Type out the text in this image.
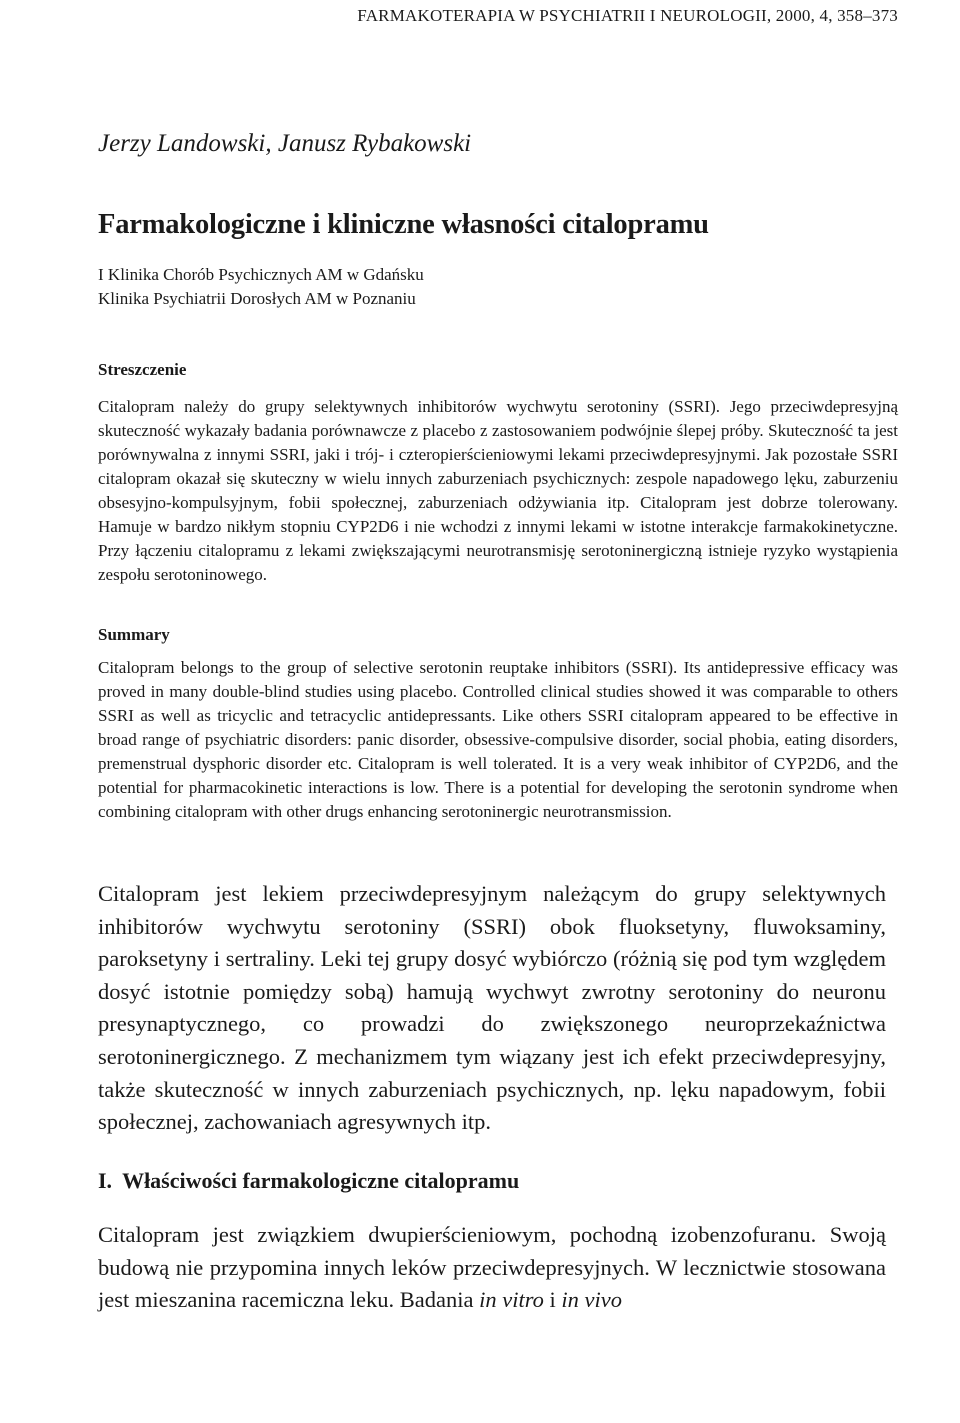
FARMAKOTERAPIA W PSYCHIATRII I NEUROLOGII, 2000, 4, 358–373
Jerzy Landowski, Janusz Rybakowski
Farmakologiczne i kliniczne własności citalopramu
I Klinika Chorób Psychicznych AM w Gdańsku
Klinika Psychiatrii Dorosłych AM w Poznaniu
Streszczenie

Citalopram należy do grupy selektywnych inhibitorów wychwytu serotoniny (SSRI). Jego przeciwdepresyjną skuteczność wykazały badania porównawcze z placebo z zastosowaniem podwójnie ślepej próby. Skuteczność ta jest porównywalna z innymi SSRI, jaki i trój- i czteropierścieniowymi lekami przeciwdepresyjnymi. Jak pozostałe SSRI citalopram okazał się skuteczny w wielu innych zaburzeniach psychicznych: zespole napadowego lęku, zaburzeniu obsesyjno-kompulsyjnym, fobii społecznej, zaburzeniach odżywiania itp. Citalopram jest dobrze tolerowany. Hamuje w bardzo nikłym stopniu CYP2D6 i nie wchodzi z innymi lekami w istotne interakcje farmakokinetyczne. Przy łączeniu citalopramu z lekami zwiększającymi neurotransmisję serotoninergiczną istnieje ryzyko wystąpienia zespołu serotoninowego.

Summary

Citalopram belongs to the group of selective serotonin reuptake inhibitors (SSRI). Its antidepressive efficacy was proved in many double-blind studies using placebo. Controlled clinical studies showed it was comparable to others SSRI as well as tricyclic and tetracyclic antidepressants. Like others SSRI citalopram appeared to be effective in broad range of psychiatric disorders: panic disorder, obsessive-compulsive disorder, social phobia, eating disorders, premenstrual dysphoric disorder etc. Citalopram is well tolerated. It is a very weak inhibitor of CYP2D6, and the potential for pharmacokinetic interactions is low. There is a potential for developing the serotonin syndrome when combining citalopram with other drugs enhancing serotoninergic neurotransmission.

Citalopram jest lekiem przeciwdepresyjnym należącym do grupy selektywnych inhibitorów wychwytu serotoniny (SSRI) obok fluoksetyny, fluwoksaminy, paroksetyny i sertraliny. Leki tej grupy dosyć wybiórczo (różnią się pod tym względem dosyć istotnie pomiędzy sobą) hamują wychwyt zwrotny serotoniny do neuronu presynaptycznego, co prowadzi do zwiększonego neuroprzekaźnictwa serotoninergicznego. Z mechanizmem tym wiązany jest ich efekt przeciwdepresyjny, także skuteczność w innych zaburzeniach psychicznych, np. lęku napadowym, fobii społecznej, zachowaniach agresywnych itp.

I. Właściwości farmakologiczne citalopramu

Citalopram jest związkiem dwupierścieniowym, pochodną izobenzofuranu. Swoją budową nie przypomina innych leków przeciwdepresyjnych. W lecznictwie stosowana jest mieszanina racemiczna leku. Badania in vitro i in vivo
